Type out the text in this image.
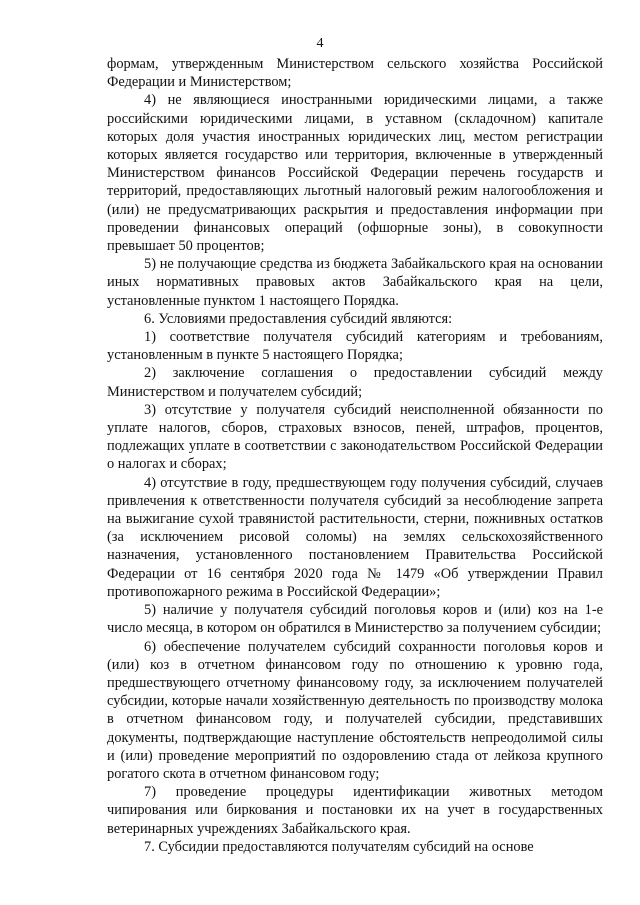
4

формам, утвержденным Министерством сельского хозяйства Российской Федерации и Министерством;

4) не являющиеся иностранными юридическими лицами, а также российскими юридическими лицами, в уставном (складочном) капитале которых доля участия иностранных юридических лиц, местом регистрации которых является государство или территория, включенные в утвержденный Министерством финансов Российской Федерации перечень государств и территорий, предоставляющих льготный налоговый режим налогообложения и (или) не предусматривающих раскрытия и предоставления информации при проведении финансовых операций (офшорные зоны), в совокупности превышает 50 процентов;

5) не получающие средства из бюджета Забайкальского края на основании иных нормативных правовых актов Забайкальского края на цели, установленные пунктом 1 настоящего Порядка.

6. Условиями предоставления субсидий являются:

1) соответствие получателя субсидий категориям и требованиям, установленным в пункте 5 настоящего Порядка;

2) заключение соглашения о предоставлении субсидий между Министерством и получателем субсидий;

3) отсутствие у получателя субсидий неисполненной обязанности по уплате налогов, сборов, страховых взносов, пеней, штрафов, процентов, подлежащих уплате в соответствии с законодательством Российской Федерации о налогах и сборах;

4) отсутствие в году, предшествующем году получения субсидий, случаев привлечения к ответственности получателя субсидий за несоблюдение запрета на выжигание сухой травянистой растительности, стерни, пожнивных остатков (за исключением рисовой соломы) на землях сельскохозяйственного назначения, установленного постановлением Правительства Российской Федерации от 16 сентября 2020 года № 1479 «Об утверждении Правил противопожарного режима в Российской Федерации»;

5) наличие у получателя субсидий поголовья коров и (или) коз на 1-е число месяца, в котором он обратился в Министерство за получением субсидии;

6) обеспечение получателем субсидий сохранности поголовья коров и (или) коз в отчетном финансовом году по отношению к уровню года, предшествующего отчетному финансовому году, за исключением получателей субсидии, которые начали хозяйственную деятельность по производству молока в отчетном финансовом году, и получателей субсидии, представивших документы, подтверждающие наступление обстоятельств непреодолимой силы и (или) проведение мероприятий по оздоровлению стада от лейкоза крупного рогатого скота в отчетном финансовом году;

7) проведение процедуры идентификации животных методом чипирования или биркования и постановки их на учет в государственных ветеринарных учреждениях Забайкальского края.

7. Субсидии предоставляются получателям субсидий на основе
